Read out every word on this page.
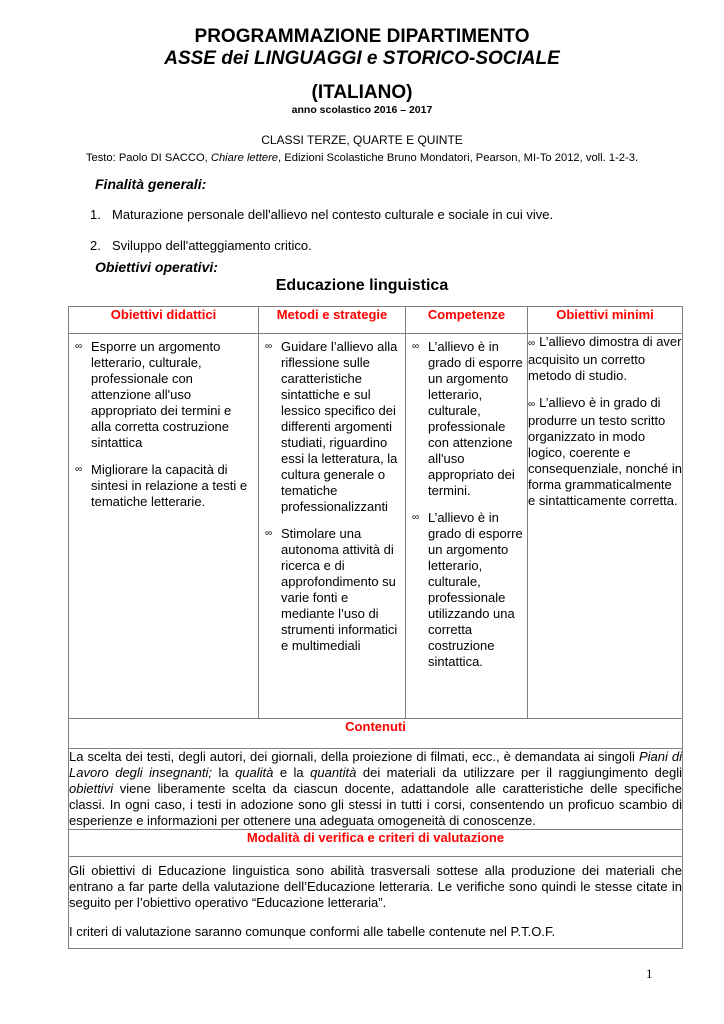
PROGRAMMAZIONE DIPARTIMENTO
ASSE dei LINGUAGGI e STORICO-SOCIALE
(ITALIANO)
anno scolastico 2016 – 2017
CLASSI TERZE, QUARTE E QUINTE
Testo: Paolo DI SACCO, Chiare lettere, Edizioni Scolastiche Bruno Mondatori, Pearson, MI-To 2012, voll. 1-2-3.
Finalità generali:
1. Maturazione personale dell'allievo nel contesto culturale e sociale in cui vive.
2. Sviluppo dell'atteggiamento critico.
Obiettivi operativi:
Educazione linguistica
Obiettivi didattici	Metodi e strategie	Competenze	Obiettivi minimi

∞ Esporre un argomento letterario, culturale, professionale con attenzione all'uso appropriato dei termini e alla corretta costruzione sintattica
∞ Migliorare la capacità di sintesi in relazione a testi e tematiche letterarie.

∞ Guidare l’allievo alla riflessione sulle caratteristiche sintattiche e sul lessico specifico dei differenti argomenti studiati, riguardino essi la letteratura, la cultura generale o tematiche professionalizzanti
∞ Stimolare una autonoma attività di ricerca e di approfondimento su varie fonti e mediante l’uso di strumenti informatici e multimediali

∞ L’allievo è in grado di esporre un argomento letterario, culturale, professionale con attenzione all'uso appropriato dei termini.
∞ L’allievo è in grado di esporre un argomento letterario, culturale, professionale utilizzando una corretta costruzione sintattica.

∞ L’allievo dimostra di aver acquisito un corretto metodo di studio.

∞ L’allievo è in grado di produrre un testo scritto organizzato in modo logico, coerente e consequenziale, nonché in forma grammaticalmente e sintatticamente corretta.

Contenuti			

La scelta dei testi, degli autori, dei giornali, della proiezione di filmati, ecc., è demandata ai singoli Piani di Lavoro degli insegnanti; la qualità e la quantità dei materiali da utilizzare per il raggiungimento degli obiettivi viene liberamente scelta da ciascun docente, adattandole alle caratteristiche delle specifiche classi. In ogni caso, i testi in adozione sono gli stessi in tutti i corsi, consentendo un proficuo scambio di esperienze e informazioni per ottenere una adeguata omogeneità di conoscenze.			

Modalità di verifica e criteri di valutazione			

Gli obiettivi di Educazione linguistica sono abilità trasversali sottese alla produzione dei materiali che entrano a far parte della valutazione dell’Educazione letteraria. Le verifiche sono quindi le stesse citate in seguito per l’obiettivo operativo “Educazione letteraria”.

I criteri di valutazione saranno comunque conformi alle tabelle contenute nel P.T.O.F.			

1
